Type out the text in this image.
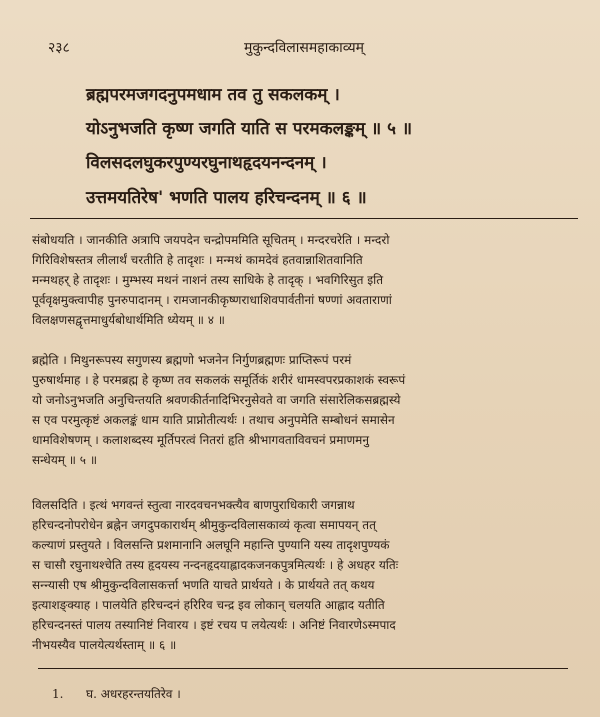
२३८	मुकुन्दविलासमहाकाव्यम्
ब्रह्मपरमजगदनुपमधाम तव तु सकलकम् ।
योऽनुभजति कृष्ण जगति याति स परमकलङ्कम् ॥ ५ ॥
विलसदलघुकरपुण्यरघुनाथहृदयनन्दनम् ।
उत्तमयतिरेष' भणति पालय हरिचन्दनम् ॥ ६ ॥
संबोधयति । जानकीति अत्रापि जयपदेन चन्द्रोपममिति सूचितम् । मन्दरचरेति । मन्दरो
गिरिविशेषस्तत्र लीलार्थं चरतीति हे तादृशः । मन्मथं कामदेवं हतवान्नाशितवानिति
मन्मथहर् हे तादृशः । मुम्भस्य मथनं नाशनं तस्य साधिके हे तादृक् । भवगिरिसुत इति
पूर्ववृक्षमुक्त्वापीह पुनरुपादानम् । रामजानकीकृष्णराधाशिवपार्वतीनां षण्णां अवताराणां
विलक्षणसद्वृत्तमाधुर्यबोधार्थमिति ध्येयम् ॥ ४ ॥
ब्रह्मेति । मिथुनरूपस्य सगुणस्य ब्रह्मणो भजनेन निर्गुणब्रह्मणः प्राप्तिरूपं परमं
पुरुषार्थमाह । हे परमब्रह्म हे कृष्ण तव सकलकं समूर्तिकं शरीरं धामस्वपरप्रकाशकं स्वरूपं
यो जनोऽनुभजति अनुचिन्तयति श्रवणकीर्तनादिभिरनुसेवते वा जगति संसारेलिकसब्रह्मस्ये
स एव परमुत्कृष्टं अकलङ्कं धाम याति प्राप्नोतीत्यर्थः । तथाच अनुपमेति सम्बोधनं समासेन
धामविशेषणम् । कलाशब्दस्य मूर्तिपरत्वं नितरां हृति श्रीभागवताविवचनं प्रमाणमनु
सन्धेयम् ॥ ५ ॥
विलसदिति । इत्थं भगवन्तं स्तुत्वा नारदवचनभक्त्यैव बाणपुराधिकारी जगन्नाथ
हरिचन्दनोपरोधेन ब्रह्नेन जगदुपकारार्थम् श्रीमुकुन्दविलासकाव्यं कृत्वा समापयन् तत्
कल्याणं प्रस्तुयते । विलसन्ति प्रशमानानि अलघूनि महान्ति पुण्यानि यस्य तादृशपुण्यकं
स चासौ रघुनाथश्चेति तस्य हृदयस्य नन्दनहृदयाह्लादकजनकपुत्रमित्यर्थः । हे अधहर यतिः
सन्न्यासी एष श्रीमुकुन्दविलासकर्त्ता भणति याचते प्रार्थयते । के प्रार्थयते तत् कथय
इत्याशङ्क्याह । पालयेति हरिचन्दनं हरिरिव चन्द्र इव लोकान् चलयति आह्लाद यतीति
हरिचन्दनस्तं पालय तस्यानिष्टं निवारय । इष्टं रचय प लयेत्यर्थः । अनिष्टं निवारणेऽस्मपाद
नीभयस्यैव पालयेत्यर्थस्ताम् ॥ ६ ॥
1. घ. अधरहरन्तयतिरेव ।
